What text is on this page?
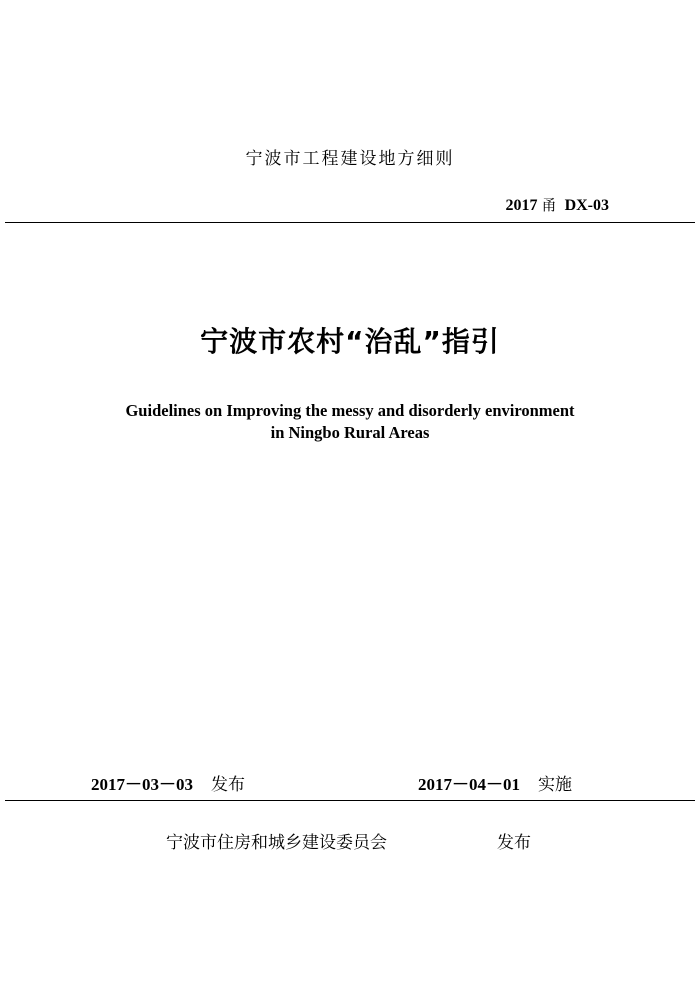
宁波市工程建设地方细则
2017 甬 DX-03
宁波市农村“治乱”指引
Guidelines on Improving the messy and disorderly environment
in Ningbo Rural Areas
2017－03－03 发布	2017－04－01 实施
宁波市住房和城乡建设委员会	发布
